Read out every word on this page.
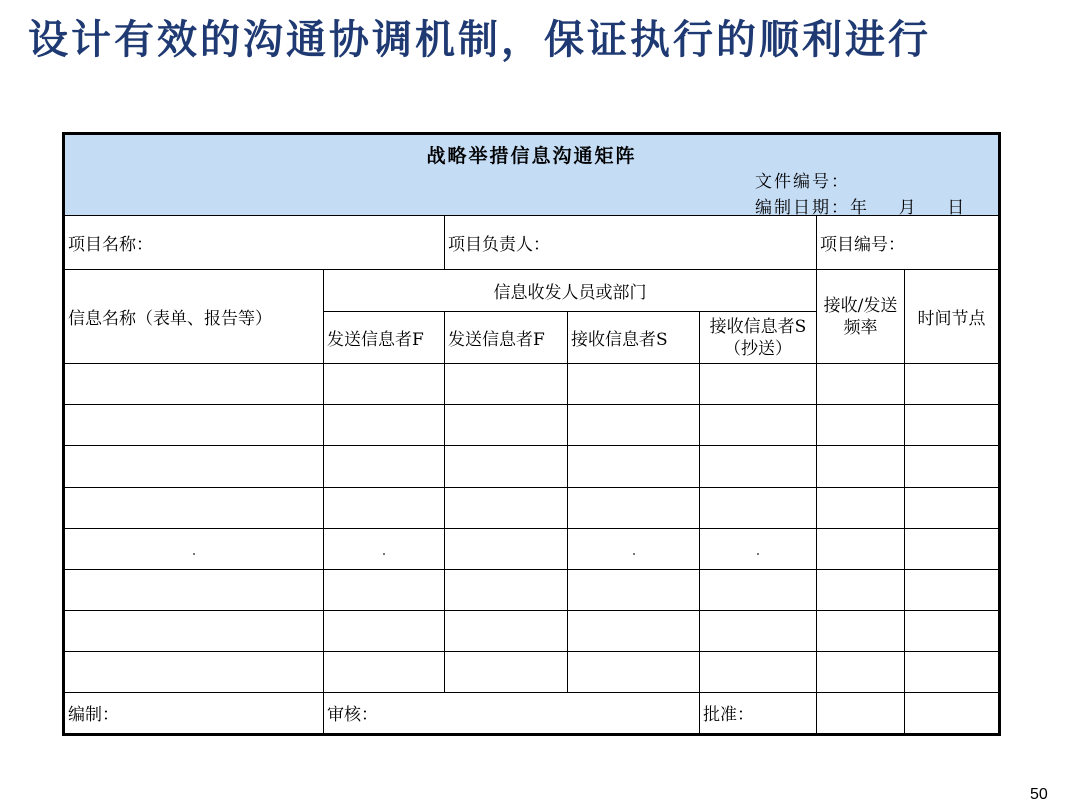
设计有效的沟通协调机制，保证执行的顺利进行
战略举措信息沟通矩阵
文件编号：
编制日期：年    月    日						

项目名称：		项目负责人：			项目编号：	
信息名称（表单、报告等）	信息收发人员或部门				接收/发送频率	时间节点
	发送信息者F	发送信息者F	接收信息者S	接收信息者S（抄送）		

编制：	审核：			批准：		
50
